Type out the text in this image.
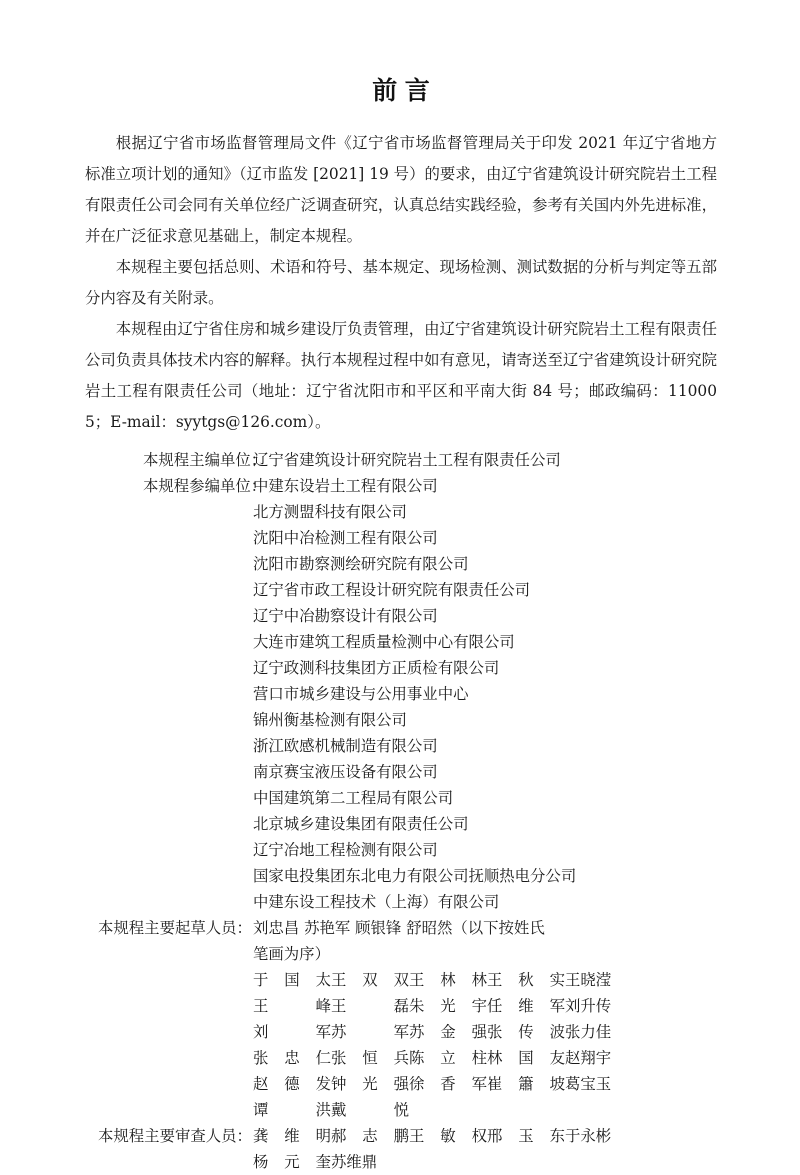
前言

根据辽宁省市场监督管理局文件《辽宁省市场监督管理局关于印发 2021 年辽宁省地方标准立项计划的通知》（辽市监发 [2021] 19 号）的要求，由辽宁省建筑设计研究院岩土工程有限责任公司会同有关单位经广泛调查研究，认真总结实践经验，参考有关国内外先进标准，并在广泛征求意见基础上，制定本规程。

本规程主要包括总则、术语和符号、基本规定、现场检测、测试数据的分析与判定等五部分内容及有关附录。

本规程由辽宁省住房和城乡建设厅负责管理，由辽宁省建筑设计研究院岩土工程有限责任公司负责具体技术内容的解释。执行本规程过程中如有意见，请寄送至辽宁省建筑设计研究院岩土工程有限责任公司（地址：辽宁省沈阳市和平区和平南大街 84 号；邮政编码：110005；E-mail：syytgs@126.com）。

本规程主编单位：
辽宁省建筑设计研究院岩土工程有限责任公司
本规程参编单位：
中建东设岩土工程有限公司
北方测盟科技有限公司
沈阳中冶检测工程有限公司
沈阳市勘察测绘研究院有限公司
辽宁省市政工程设计研究院有限责任公司
辽宁中冶勘察设计有限公司
大连市建筑工程质量检测中心有限公司
辽宁政测科技集团方正质检有限公司
营口市城乡建设与公用事业中心
锦州衡基检测有限公司
浙江欧感机械制造有限公司
南京赛宝液压设备有限公司
中国建筑第二工程局有限公司
北京城乡建设集团有限责任公司
辽宁冶地工程检测有限公司
国家电投集团东北电力有限公司抚顺热电分公司
中建东设工程技术（上海）有限公司
本规程主要起草人员： 刘忠昌 苏艳军 顾银锋 舒昭然（以下按姓氏
笔画为序）
于国太 王双双 王林林 王秋实 王晓滢
王峰 王磊 朱光宇 任维军 刘升传
刘军 苏军 苏金强 张传波 张力佳
张忠仁 张恒兵 陈立柱 林国友 赵翔宇
赵德发 钟光强 徐香军 崔簫坡 葛宝玉
谭洪 戴悦
本规程主要审查人员： 龚维明 郝志鹏 王敏权 邢玉东 于永彬
杨元奎 苏维鼎
